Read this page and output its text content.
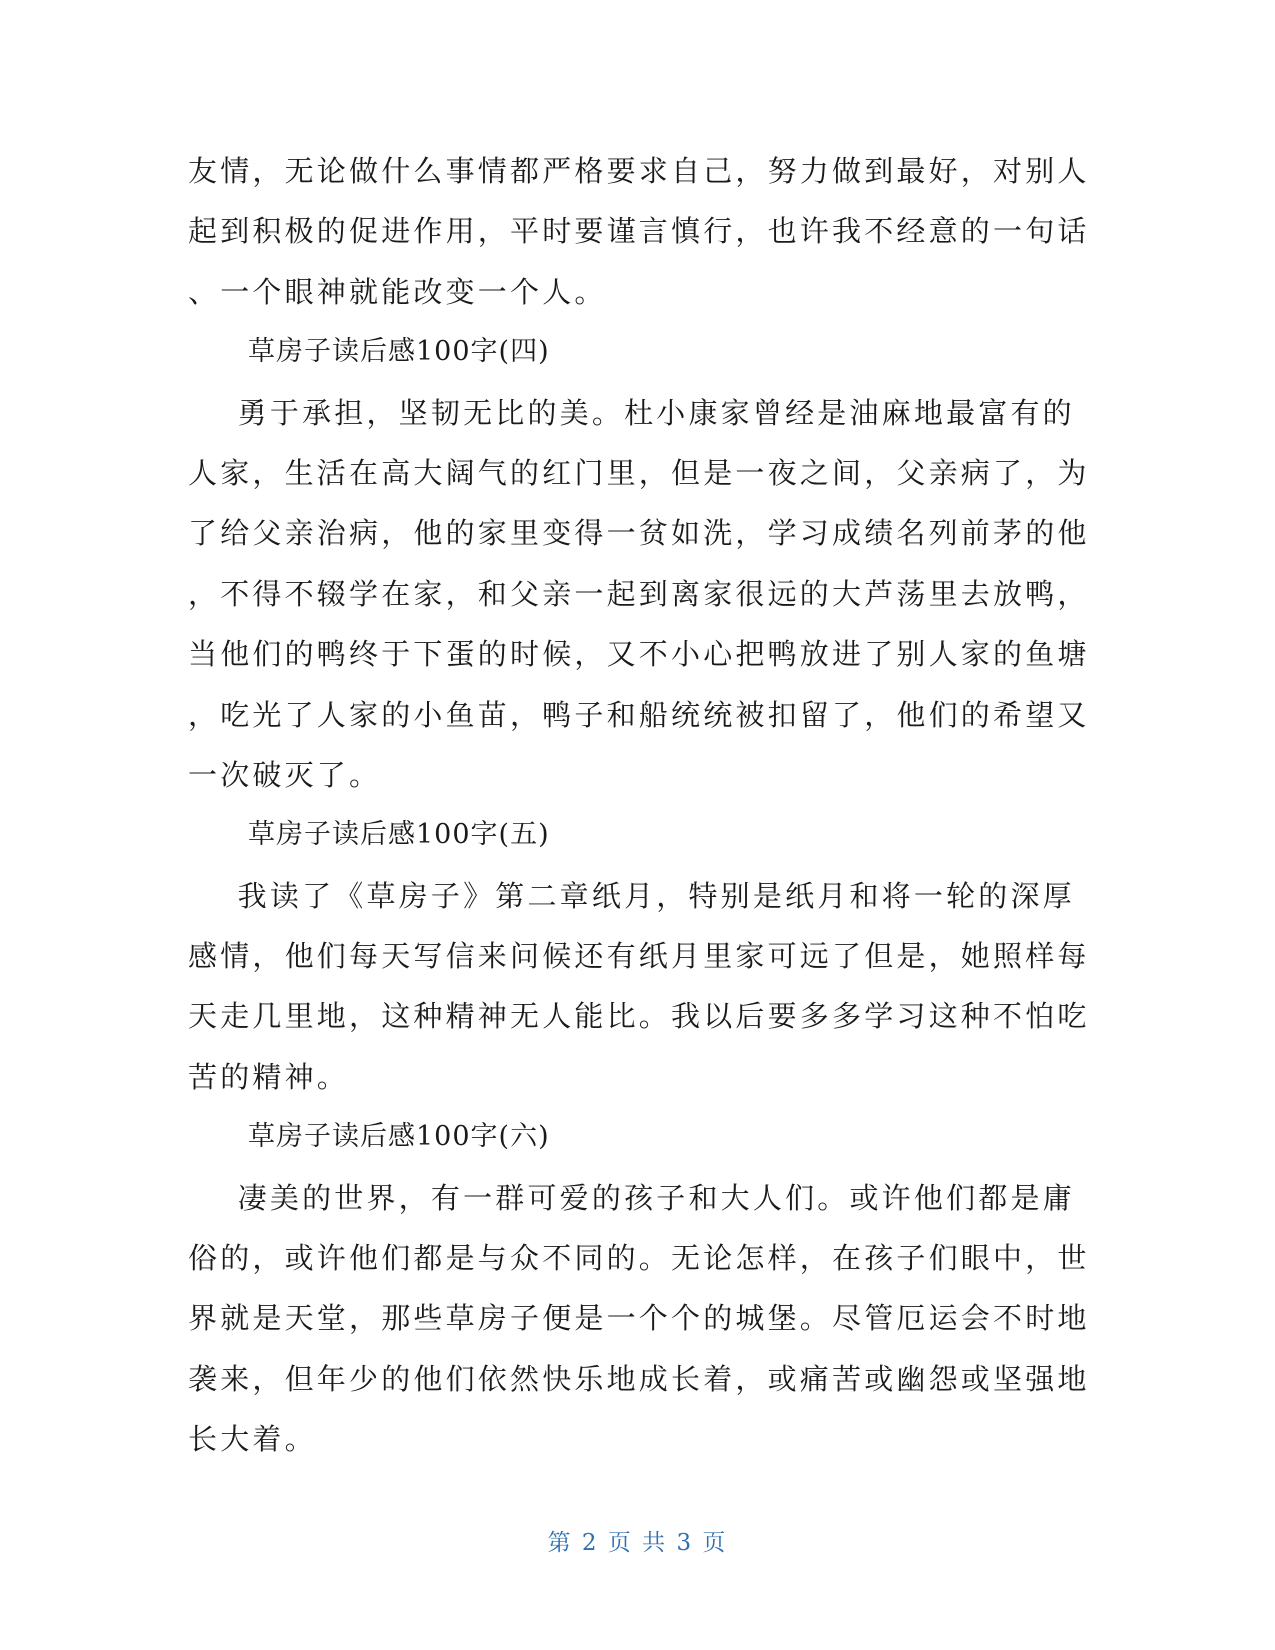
友情，无论做什么事情都严格要求自己，努力做到最好，对别人
起到积极的促进作用，平时要谨言慎行，也许我不经意的一句话
、一个眼神就能改变一个人。
草房子读后感100字(四)
勇于承担，坚韧无比的美。杜小康家曾经是油麻地最富有的
人家，生活在高大阔气的红门里，但是一夜之间，父亲病了，为
了给父亲治病，他的家里变得一贫如洗，学习成绩名列前茅的他
，不得不辍学在家，和父亲一起到离家很远的大芦荡里去放鸭，
当他们的鸭终于下蛋的时候，又不小心把鸭放进了别人家的鱼塘
，吃光了人家的小鱼苗，鸭子和船统统被扣留了，他们的希望又
一次破灭了。
草房子读后感100字(五)
我读了《草房子》第二章纸月，特别是纸月和将一轮的深厚
感情，他们每天写信来问候还有纸月里家可远了但是，她照样每
天走几里地，这种精神无人能比。我以后要多多学习这种不怕吃
苦的精神。
草房子读后感100字(六)
凄美的世界，有一群可爱的孩子和大人们。或许他们都是庸
俗的，或许他们都是与众不同的。无论怎样，在孩子们眼中，世
界就是天堂，那些草房子便是一个个的城堡。尽管厄运会不时地
袭来，但年少的他们依然快乐地成长着，或痛苦或幽怨或坚强地
长大着。
第 2 页 共 3 页
